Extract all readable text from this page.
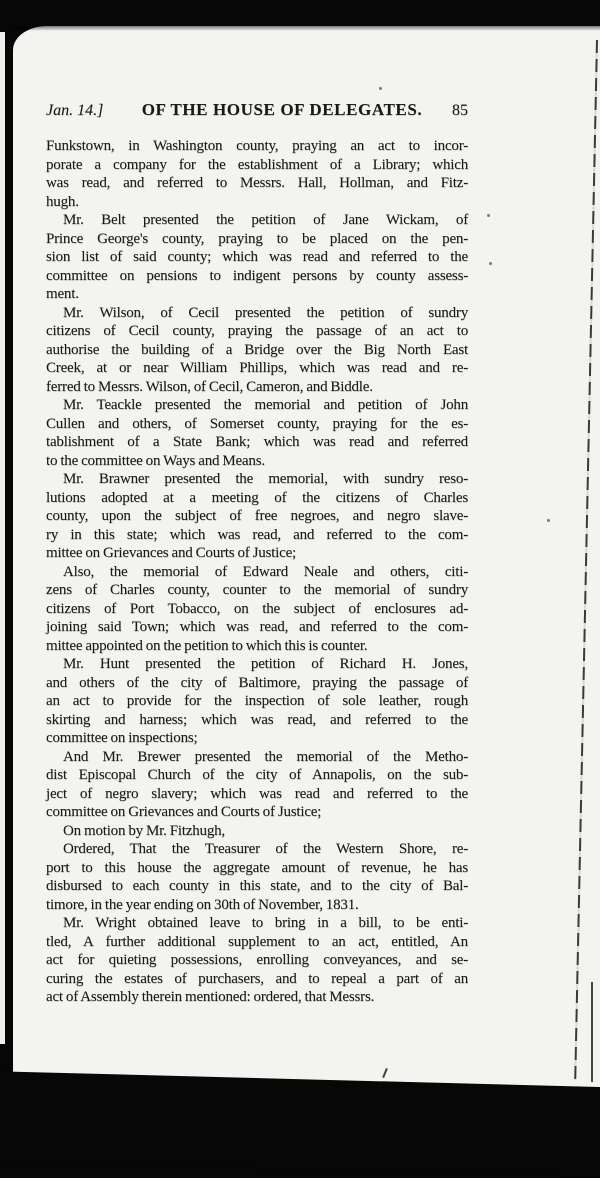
Jan. 14.]	OF THE HOUSE OF DELEGATES.	85
Funkstown, in Washington county, praying an act to incor-
porate a company for the establishment of a Library; which
was read, and referred to Messrs. Hall, Hollman, and Fitz-
hugh.
Mr. Belt presented the petition of Jane Wickam, of
Prince George's county, praying to be placed on the pen-
sion list of said county; which was read and referred to the
committee on pensions to indigent persons by county assess-
ment.
Mr. Wilson, of Cecil presented the petition of sundry
citizens of Cecil county, praying the passage of an act to
authorise the building of a Bridge over the Big North East
Creek, at or near William Phillips, which was read and re-
ferred to Messrs. Wilson, of Cecil, Cameron, and Biddle.
Mr. Teackle presented the memorial and petition of John
Cullen and others, of Somerset county, praying for the es-
tablishment of a State Bank; which was read and referred
to the committee on Ways and Means.
Mr. Brawner presented the memorial, with sundry reso-
lutions adopted at a meeting of the citizens of Charles
county, upon the subject of free negroes, and negro slave-
ry in this state; which was read, and referred to the com-
mittee on Grievances and Courts of Justice;
Also, the memorial of Edward Neale and others, citi-
zens of Charles county, counter to the memorial of sundry
citizens of Port Tobacco, on the subject of enclosures ad-
joining said Town; which was read, and referred to the com-
mittee appointed on the petition to which this is counter.
Mr. Hunt presented the petition of Richard H. Jones,
and others of the city of Baltimore, praying the passage of
an act to provide for the inspection of sole leather, rough
skirting and harness; which was read, and referred to the
committee on inspections;
And Mr. Brewer presented the memorial of the Metho-
dist Episcopal Church of the city of Annapolis, on the sub-
ject of negro slavery; which was read and referred to the
committee on Grievances and Courts of Justice;
On motion by Mr. Fitzhugh,
Ordered, That the Treasurer of the Western Shore, re-
port to this house the aggregate amount of revenue, he has
disbursed to each county in this state, and to the city of Bal-
timore, in the year ending on 30th of November, 1831.
Mr. Wright obtained leave to bring in a bill, to be enti-
tled, A further additional supplement to an act, entitled, An
act for quieting possessions, enrolling conveyances, and se-
curing the estates of purchasers, and to repeal a part of an
act of Assembly therein mentioned: ordered, that Messrs.
